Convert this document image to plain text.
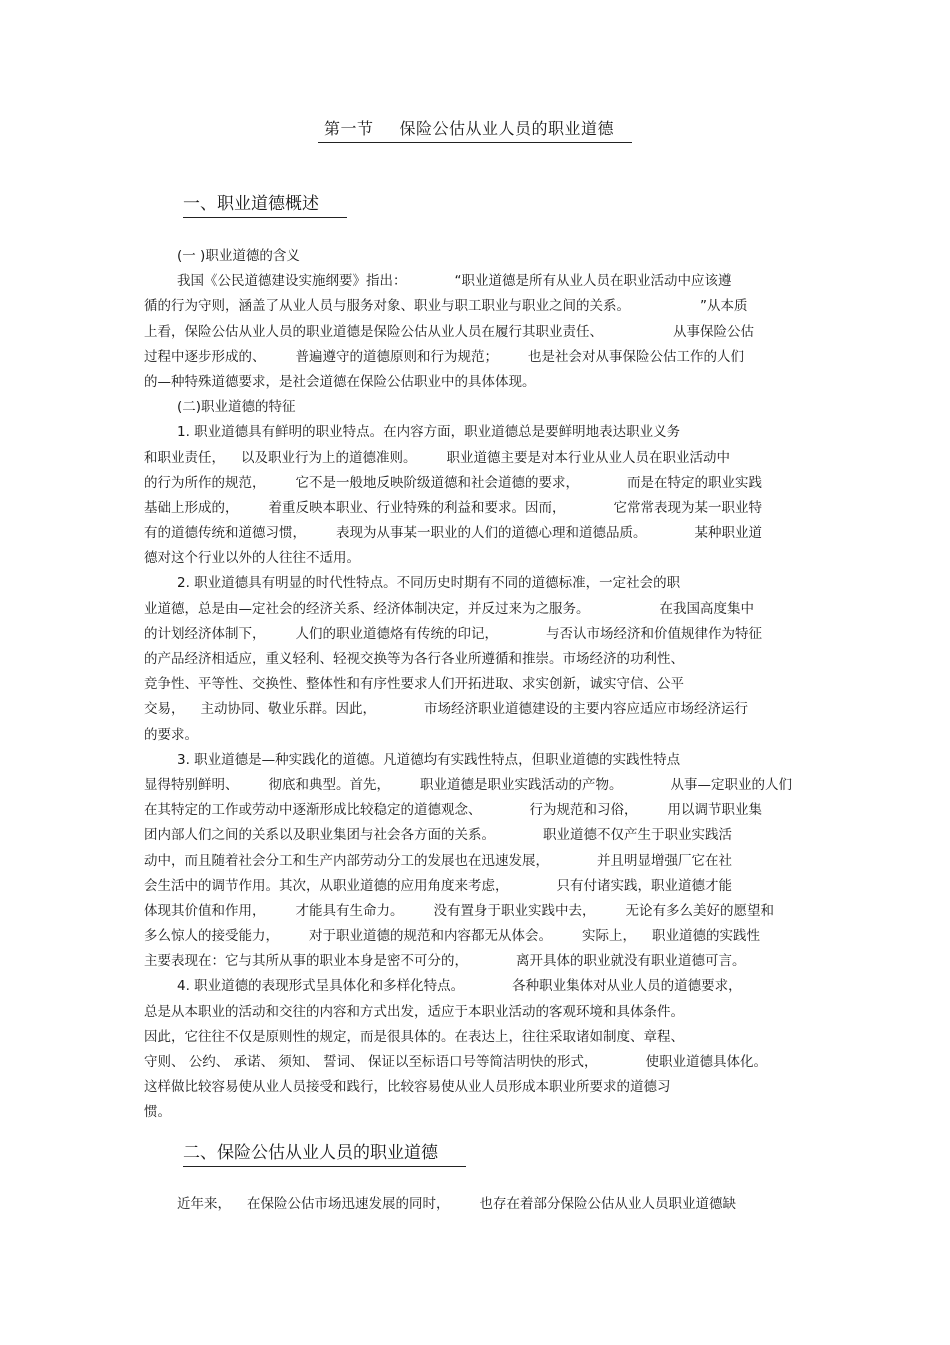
第一节 保险公估从业人员的职业道德
一、职业道德概述
(一 )职业道德的含义
我国《公民道德建设实施纲要》指出：	“职业道德是所有从业人员在职业活动中应该遵
循的行为守则，涵盖了从业人员与服务对象、职业与职工职业与职业之间的关系。	”从本质
上看，保险公估从业人员的职业道德是保险公估从业人员在履行其职业责任、	从事保险公估
过程中逐步形成的、 普遍遵守的道德原则和行为规范； 也是社会对从事保险公估工作的人们
的—种特殊道德要求，是社会道德在保险公估职业中的具体体现。
(二)职业道德的特征
1. 职业道德具有鲜明的职业特点。在内容方面，职业道德总是要鲜明地表达职业义务
和职业责任， 以及职业行为上的道德准则。 职业道德主要是对本行业从业人员在职业活动中
的行为所作的规范， 它不是一般地反映阶级道德和社会道德的要求，	而是在特定的职业实践
基础上形成的， 着重反映本职业、行业特殊的利益和要求。因而，	它常常表现为某一职业特
有的道德传统和道德习惯， 表现为从事某一职业的人们的道德心理和道德品质。	某种职业道
德对这个行业以外的人往往不适用。
2. 职业道德具有明显的时代性特点。不同历史时期有不同的道德标准，一定社会的职
业道德，总是由—定社会的经济关系、经济体制决定，并反过来为之服务。	在我国高度集中
的计划经济体制下， 人们的职业道德烙有传统的印记，	与否认市场经济和价值规律作为特征
的产品经济相适应，重义轻利、轻视交换等为各行各业所遵循和推崇。市场经济的功利性、
竞争性、平等性、交换性、整体性和有序性要求人们开拓进取、求实创新，诚实守信、公平
交易， 主动协同、敬业乐群。因此，	市场经济职业道德建设的主要内容应适应市场经济运行
的要求。
3. 职业道德是—种实践化的道德。凡道德均有实践性特点，但职业道德的实践性特点
显得特别鲜明、 彻底和典型。首先， 职业道德是职业实践活动的产物。	从事—定职业的人们
在其特定的工作或劳动中逐渐形成比较稳定的道德观念、	行为规范和习俗， 用以调节职业集
团内部人们之间的关系以及职业集团与社会各方面的关系。	职业道德不仅产生于职业实践活
动中，而且随着社会分工和生产内部劳动分工的发展也在迅速发展，	并且明显增强厂它在社
会生活中的调节作用。其次，从职业道德的应用角度来考虑，	只有付诸实践，职业道德才能
体现其价值和作用， 才能具有生命力。 没有置身于职业实践中去， 无论有多么美好的愿望和
多么惊人的接受能力， 对于职业道德的规范和内容都无从体会。 实际上， 职业道德的实践性
主要表现在：它与其所从事的职业本身是密不可分的，	离开具体的职业就没有职业道德可言。
4. 职业道德的表现形式呈具体化和多样化特点。	各种职业集体对从业人员的道德要求，
总是从本职业的活动和交往的内容和方式出发，适应于本职业活动的客观环境和具体条件。
因此，它往往不仅是原则性的规定，而是很具体的。在表达上，往往采取诸如制度、章程、
守则、 公约、 承诺、 须知、 誓词、 保证以至标语口号等简洁明快的形式，	使职业道德具体化。
这样做比较容易使从业人员接受和践行，比较容易使从业人员形成本职业所要求的道德习
惯。
二、保险公估从业人员的职业道德
近年来， 在保险公估市场迅速发展的同时， 也存在着部分保险公估从业人员职业道德缺
